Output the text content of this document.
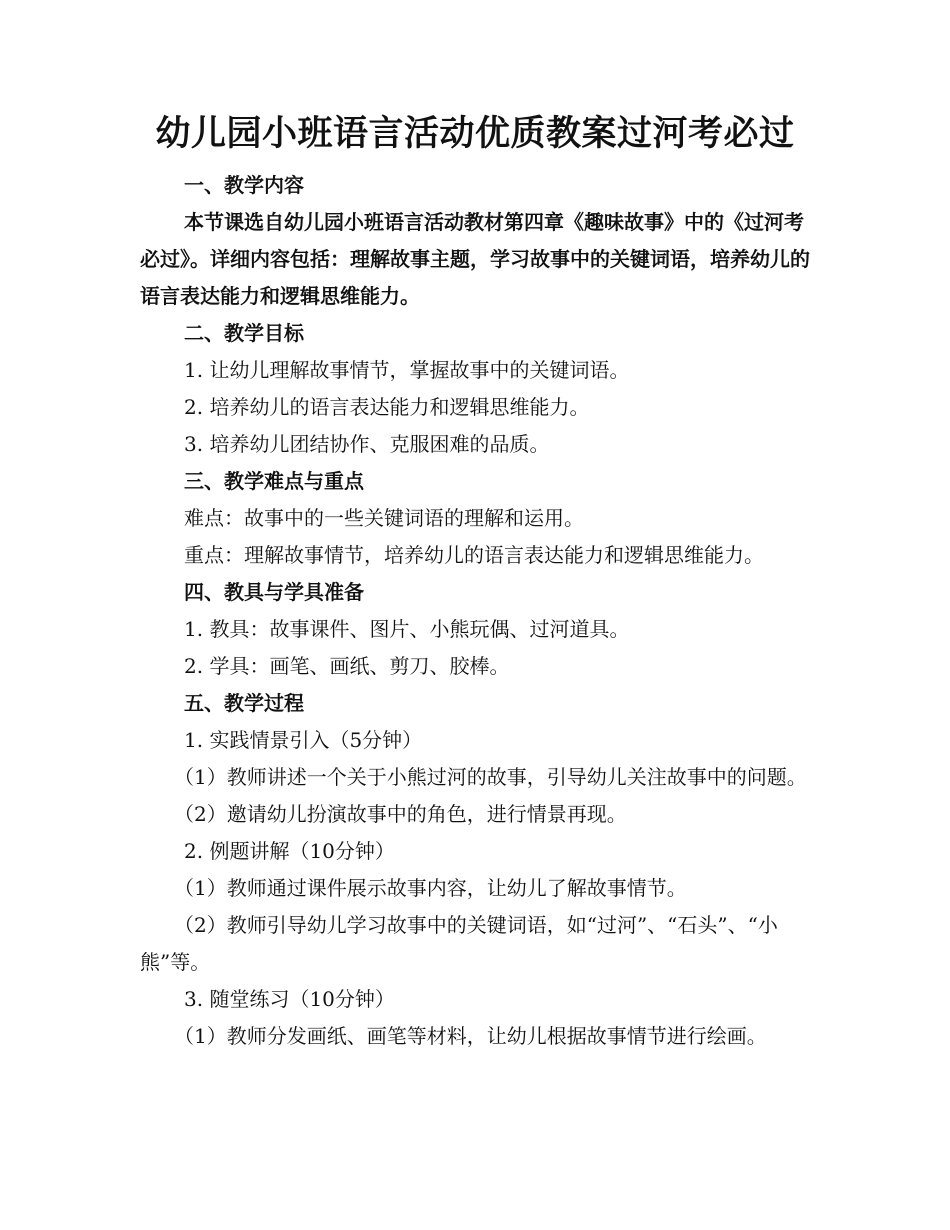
幼儿园小班语言活动优质教案过河考必过

一、教学内容

本节课选自幼儿园小班语言活动教材第四章《趣味故事》中的《过河考必过》。详细内容包括：理解故事主题，学习故事中的关键词语，培养幼儿的语言表达能力和逻辑思维能力。

二、教学目标

1. 让幼儿理解故事情节，掌握故事中的关键词语。

2. 培养幼儿的语言表达能力和逻辑思维能力。

3. 培养幼儿团结协作、克服困难的品质。

三、教学难点与重点

难点：故事中的一些关键词语的理解和运用。

重点：理解故事情节，培养幼儿的语言表达能力和逻辑思维能力。

四、教具与学具准备

1. 教具：故事课件、图片、小熊玩偶、过河道具。

2. 学具：画笔、画纸、剪刀、胶棒。

五、教学过程

1. 实践情景引入（5分钟）

（1）教师讲述一个关于小熊过河的故事，引导幼儿关注故事中的问题。

（2）邀请幼儿扮演故事中的角色，进行情景再现。

2. 例题讲解（10分钟）

（1）教师通过课件展示故事内容，让幼儿了解故事情节。

（2）教师引导幼儿学习故事中的关键词语，如“过河”、“石头”、“小熊”等。

3. 随堂练习（10分钟）

（1）教师分发画纸、画笔等材料，让幼儿根据故事情节进行绘画。
